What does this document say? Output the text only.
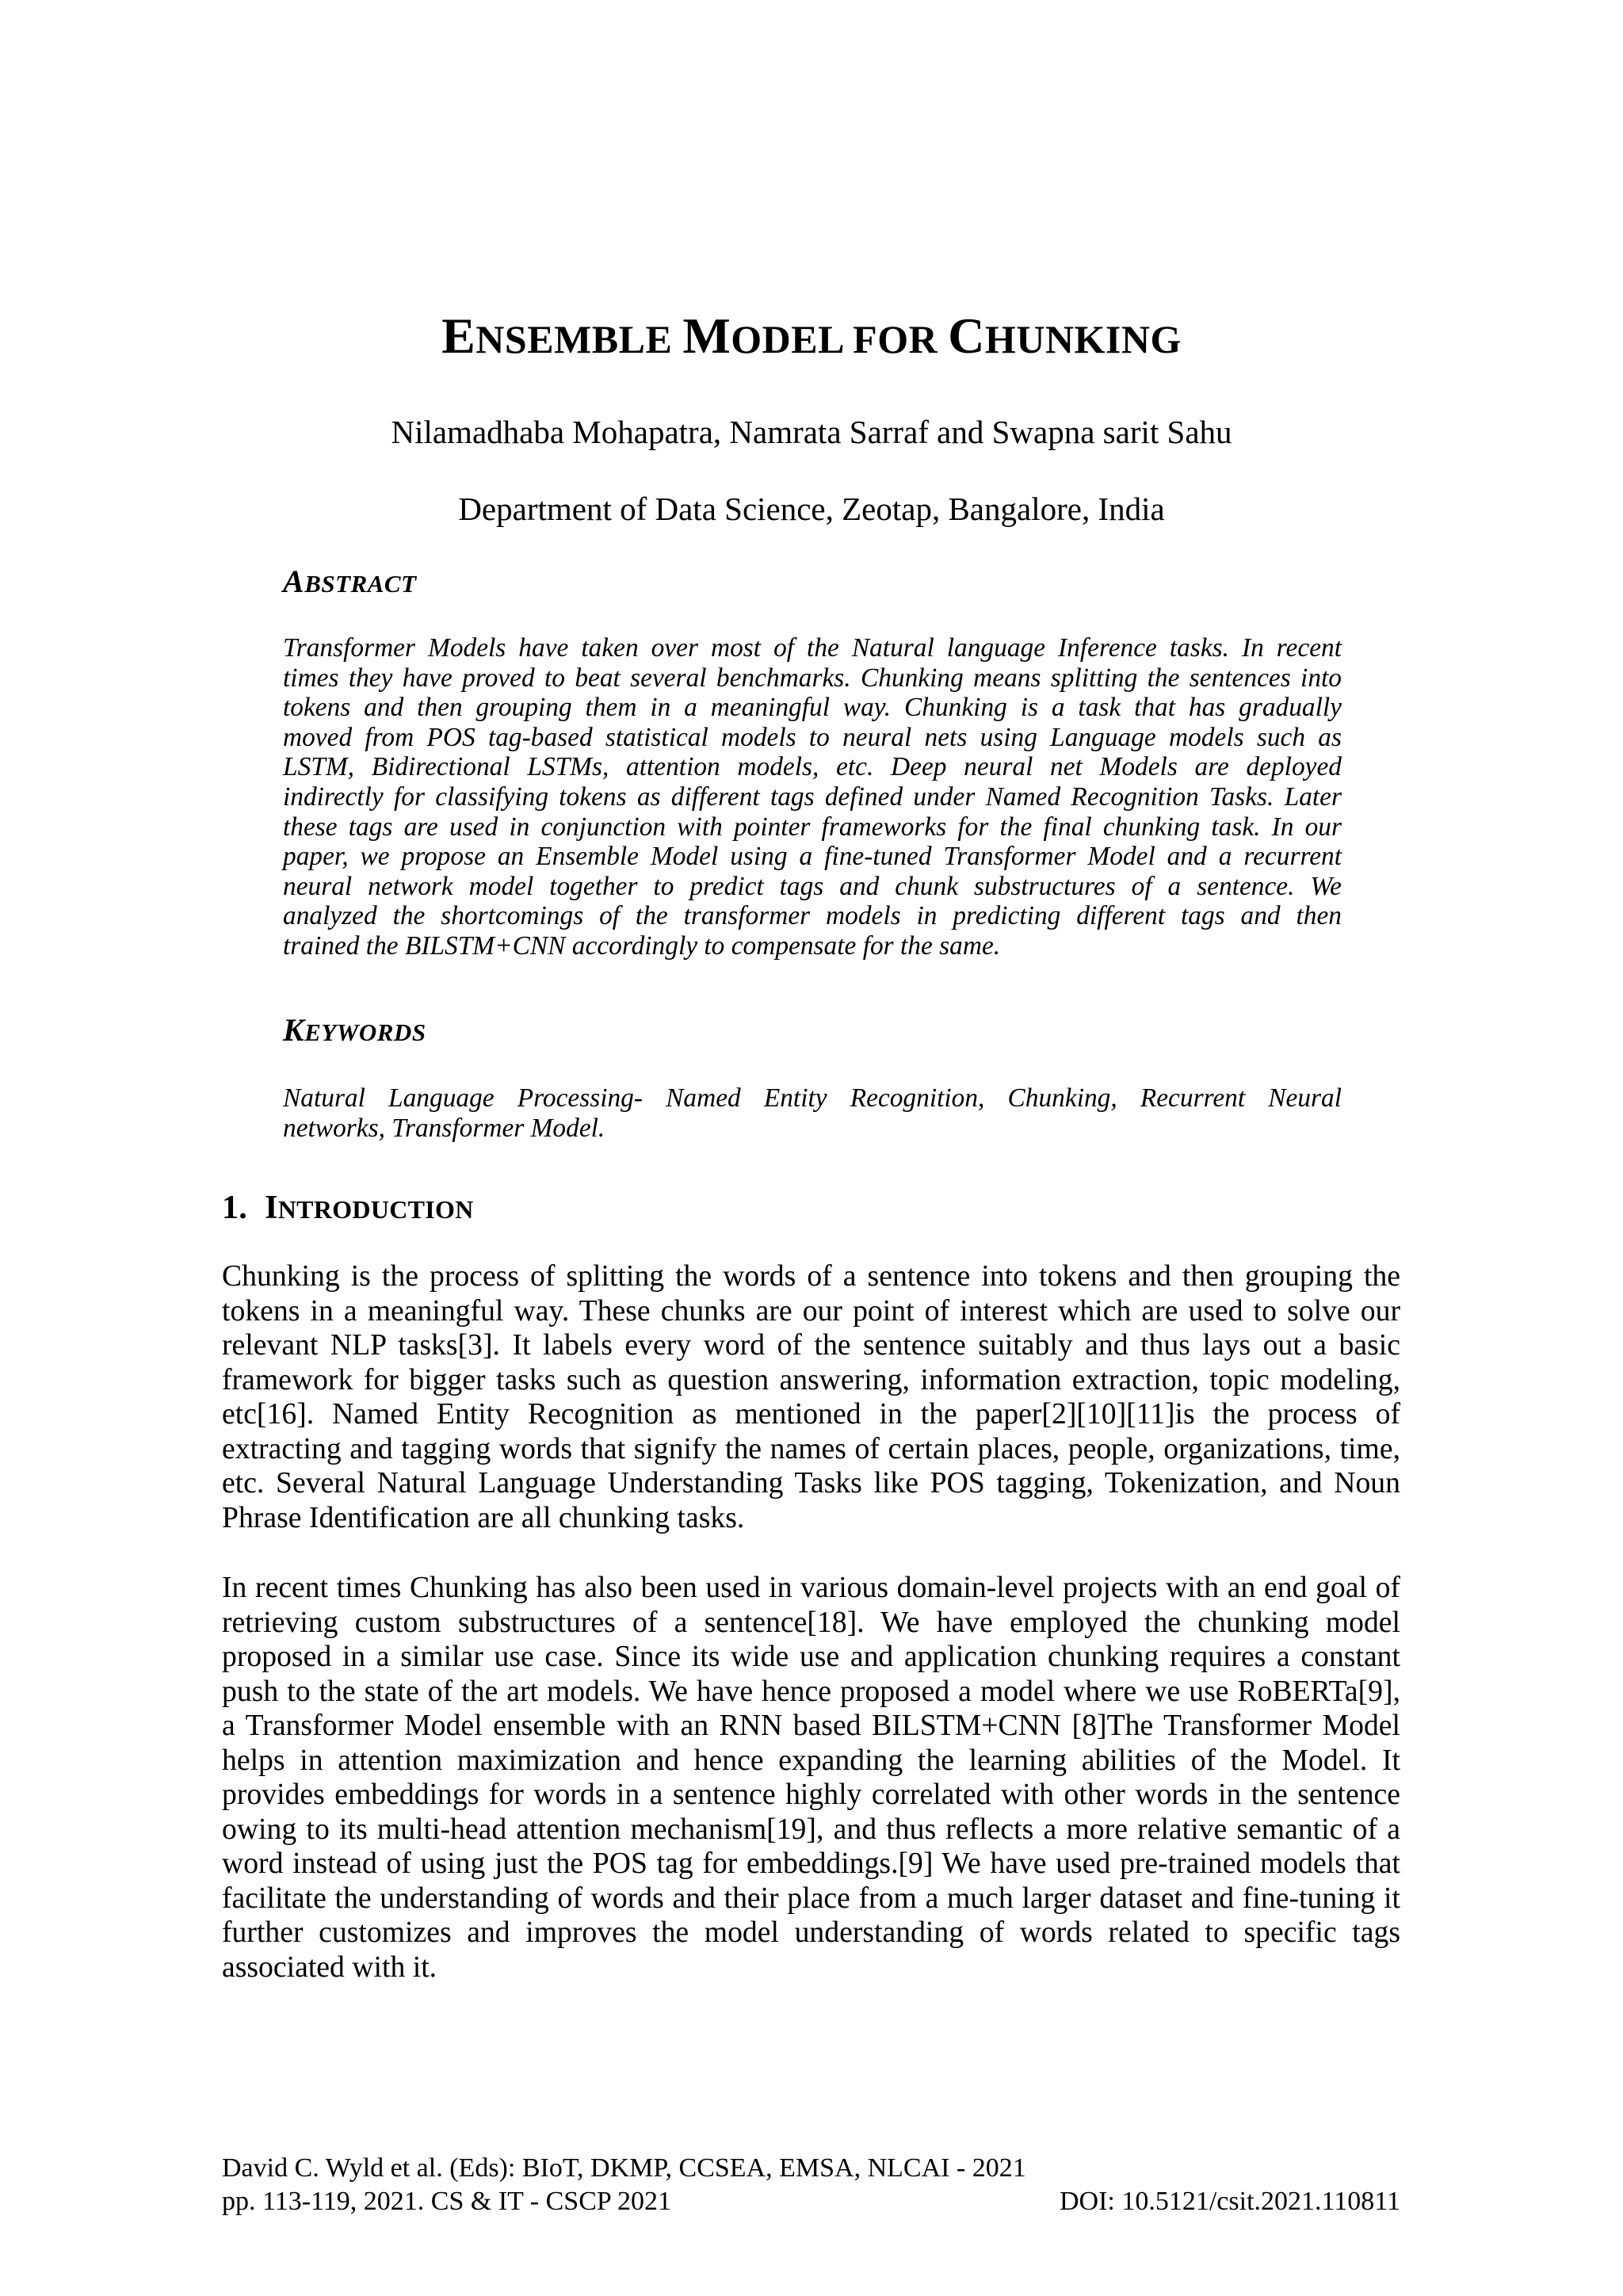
ENSEMBLE MODEL FOR CHUNKING
Nilamadhaba Mohapatra, Namrata Sarraf and Swapna sarit Sahu
Department of Data Science, Zeotap, Bangalore, India
ABSTRACT
Transformer Models have taken over most of the Natural language Inference tasks. In recent
times they have proved to beat several benchmarks. Chunking means splitting the sentences into
tokens and then grouping them in a meaningful way. Chunking is a task that has gradually
moved from POS tag-based statistical models to neural nets using Language models such as
LSTM, Bidirectional LSTMs, attention models, etc. Deep neural net Models are deployed
indirectly for classifying tokens as different tags defined under Named Recognition Tasks. Later
these tags are used in conjunction with pointer frameworks for the final chunking task. In our
paper, we propose an Ensemble Model using a fine-tuned Transformer Model and a recurrent
neural network model together to predict tags and chunk substructures of a sentence. We
analyzed the shortcomings of the transformer models in predicting different tags and then
trained the BILSTM+CNN accordingly to compensate for the same.
KEYWORDS
Natural Language Processing- Named Entity Recognition, Chunking, Recurrent Neural
networks, Transformer Model.
1. INTRODUCTION
Chunking is the process of splitting the words of a sentence into tokens and then grouping the
tokens in a meaningful way. These chunks are our point of interest which are used to solve our
relevant NLP tasks[3]. It labels every word of the sentence suitably and thus lays out a basic
framework for bigger tasks such as question answering, information extraction, topic modeling,
etc[16]. Named Entity Recognition as mentioned in the paper[2][10][11]is the process of
extracting and tagging words that signify the names of certain places, people, organizations, time,
etc. Several Natural Language Understanding Tasks like POS tagging, Tokenization, and Noun
Phrase Identification are all chunking tasks.
In recent times Chunking has also been used in various domain-level projects with an end goal of
retrieving custom substructures of a sentence[18]. We have employed the chunking model
proposed in a similar use case. Since its wide use and application chunking requires a constant
push to the state of the art models. We have hence proposed a model where we use RoBERTa[9],
a Transformer Model ensemble with an RNN based BILSTM+CNN [8]The Transformer Model
helps in attention maximization and hence expanding the learning abilities of the Model. It
provides embeddings for words in a sentence highly correlated with other words in the sentence
owing to its multi-head attention mechanism[19], and thus reflects a more relative semantic of a
word instead of using just the POS tag for embeddings.[9] We have used pre-trained models that
facilitate the understanding of words and their place from a much larger dataset and fine-tuning it
further customizes and improves the model understanding of words related to specific tags
associated with it.
David C. Wyld et al. (Eds): BIoT, DKMP, CCSEA, EMSA, NLCAI - 2021
pp. 113-119, 2021. CS & IT - CSCP 2021	DOI: 10.5121/csit.2021.110811
